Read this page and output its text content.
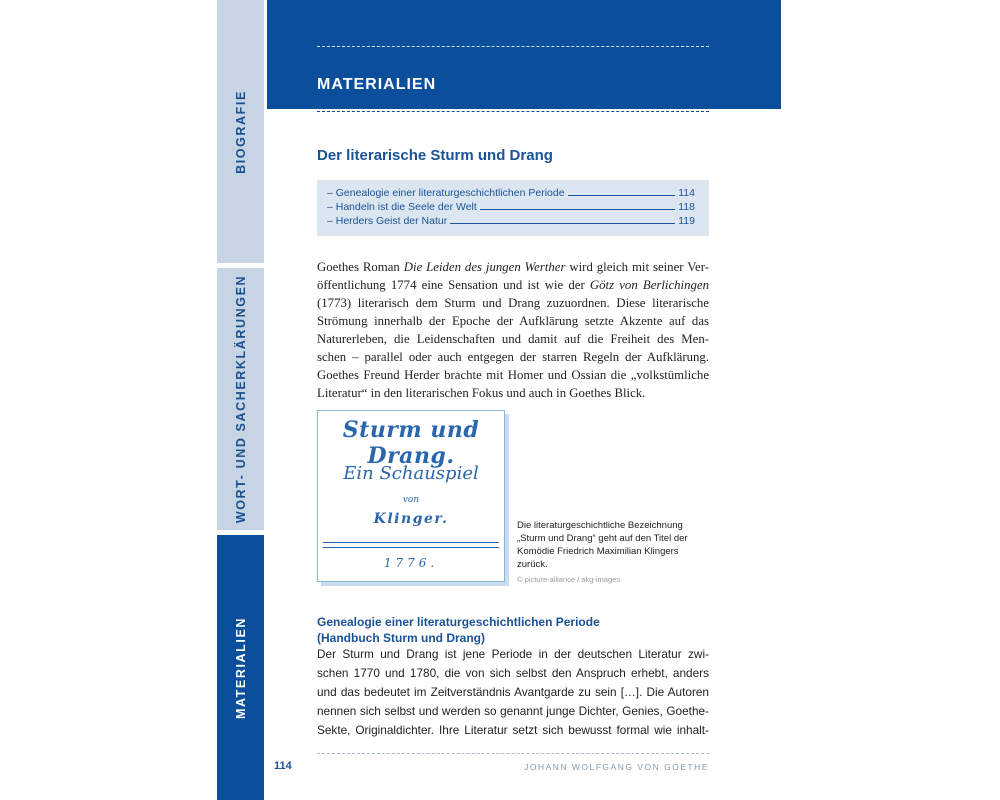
BIOGRAFIE
WORT- UND SACHERKLÄRUNGEN
MATERIALIEN
MATERIALIEN
Der literarische Sturm und Drang
– Genealogie einer literaturgeschichtlichen Periode	114
– Handeln ist die Seele der Welt	118
– Herders Geist der Natur	119
Goethes Roman Die Leiden des jungen Werther wird gleich mit seiner Ver-
öffentlichung 1774 eine Sensation und ist wie der Götz von Berlichingen
(1773) literarisch dem Sturm und Drang zuzuordnen. Diese literarische
Strömung innerhalb der Epoche der Aufklärung setzte Akzente auf das
Naturerleben, die Leidenschaften und damit auf die Freiheit des Men-
schen – parallel oder auch entgegen der starren Regeln der Aufklärung.
Goethes Freund Herder brachte mit Homer und Ossian die „volkstümliche
Literatur“ in den literarischen Fokus und auch in Goethes Blick.
Sturm und Drang.
Ein Schauspiel
von
Klinger.
1776.
Die literaturgeschichtliche Bezeichnung
„Sturm und Drang“ geht auf den Titel der
Komödie Friedrich Maximilian Klingers
zurück.
© picture-alliance / akg-images
Genealogie einer literaturgeschichtlichen Periode
(Handbuch Sturm und Drang)
Der Sturm und Drang ist jene Periode in der deutschen Literatur zwi-
schen 1770 und 1780, die von sich selbst den Anspruch erhebt, anders
und das bedeutet im Zeitverständnis Avantgarde zu sein […]. Die Autoren
nennen sich selbst und werden so genannt junge Dichter, Genies, Goethe-
Sekte, Originaldichter. Ihre Literatur setzt sich bewusst formal wie inhalt-
114	JOHANN WOLFGANG VON GOETHE
